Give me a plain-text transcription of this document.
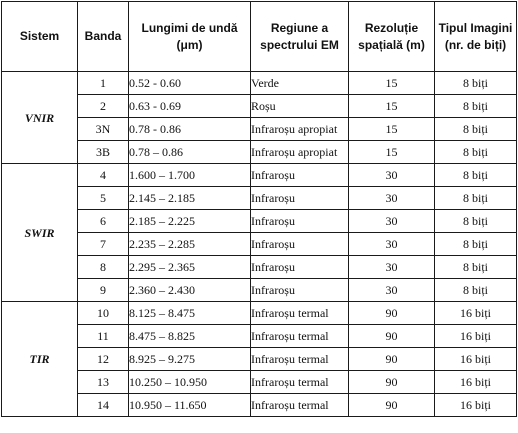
Sistem	Banda	Lungimi de undă (μm)	Regiune a spectrului EM	Rezoluție spațială (m)	Tipul Imagini (nr. de biți)
VNIR	1	0.52 - 0.60	Verde	15	8 biți
	2	0.63 - 0.69	Roșu	15	8 biți
	3N	0.78 - 0.86	Infraroșu apropiat	15	8 biți
	3B	0.78 – 0.86	Infraroșu apropiat	15	8 biți
SWIR	4	1.600 – 1.700	Infraroșu	30	8 biți
	5	2.145 – 2.185	Infraroșu	30	8 biți
	6	2.185 – 2.225	Infraroșu	30	8 biți
	7	2.235 – 2.285	Infraroșu	30	8 biți
	8	2.295 – 2.365	Infraroșu	30	8 biți
	9	2.360 – 2.430	Infraroșu	30	8 biți
TIR	10	8.125 – 8.475	Infraroșu termal	90	16 biți
	11	8.475 – 8.825	Infraroșu termal	90	16 biți
	12	8.925 – 9.275	Infraroșu termal	90	16 biți
	13	10.250 – 10.950	Infraroșu termal	90	16 biți
	14	10.950 – 11.650	Infraroșu termal	90	16 biți
